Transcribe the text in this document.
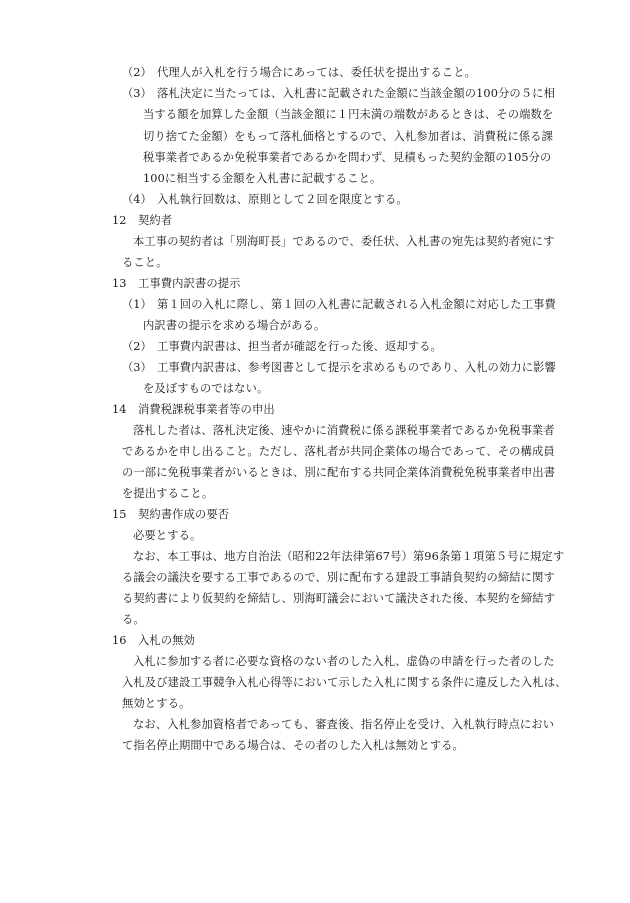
（2） 代理人が入札を行う場合にあっては、委任状を提出すること。
（3） 落札決定に当たっては、入札書に記載された金額に当該金額の100分の５に相
当する額を加算した金額（当該金額に１円未満の端数があるときは、その端数を
切り捨てた金額）をもって落札価格とするので、入札参加者は、消費税に係る課
税事業者であるか免税事業者であるかを問わず、見積もった契約金額の105分の
100に相当する金額を入札書に記載すること。
（4） 入札執行回数は、原則として２回を限度とする。
12　契約者
本工事の契約者は「別海町長」であるので、委任状、入札書の宛先は契約者宛にす
ること。
13　工事費内訳書の提示
（1） 第１回の入札に際し、第１回の入札書に記載される入札金額に対応した工事費
内訳書の提示を求める場合がある。
（2） 工事費内訳書は、担当者が確認を行った後、返却する。
（3） 工事費内訳書は、参考図書として提示を求めるものであり、入札の効力に影響
を及ぼすものではない。
14　消費税課税事業者等の申出
落札した者は、落札決定後、速やかに消費税に係る課税事業者であるか免税事業者
であるかを申し出ること。ただし、落札者が共同企業体の場合であって、その構成員
の一部に免税事業者がいるときは、別に配布する共同企業体消費税免税事業者申出書
を提出すること。
15　契約書作成の要否
必要とする。
なお、本工事は、地方自治法（昭和22年法律第67号）第96条第１項第５号に規定す
る議会の議決を要する工事であるので、別に配布する建設工事請負契約の締結に関す
る契約書により仮契約を締結し、別海町議会において議決された後、本契約を締結す
る。
16　入札の無効
入札に参加する者に必要な資格のない者のした入札、虚偽の申請を行った者のした
入札及び建設工事競争入札心得等において示した入札に関する条件に違反した入札は、
無効とする。
なお、入札参加資格者であっても、審査後、指名停止を受け、入札執行時点におい
て指名停止期間中である場合は、その者のした入札は無効とする。
